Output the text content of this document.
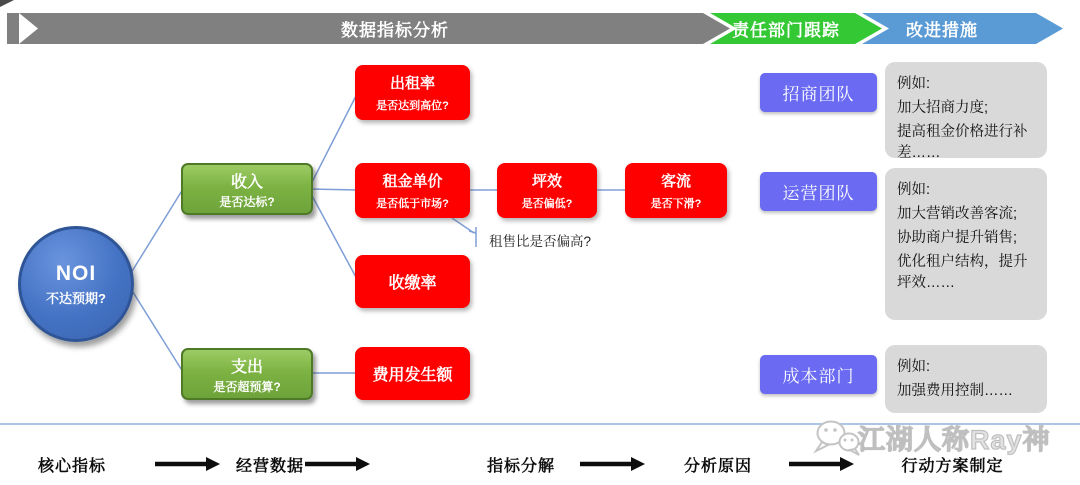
数据指标分析	责任部门跟踪	改进措施
NOI
不达预期?
收入
是否达标?
支出
是否超预算?
出租率
是否达到高位?
租金单价
是否低于市场?
坪效
是否偏低?
客流
是否下滑?
收缴率
费用发生额
租售比是否偏高?
招商团队
运营团队
成本部门
例如:
加大招商力度;
提高租金价格进行补差……
例如:
加大营销改善客流;
协助商户提升销售;
优化租户结构，提升坪效……
例如:
加强费用控制……
核心指标	经营数据	指标分解	分析原因	行动方案制定
江湖人称Ray神
